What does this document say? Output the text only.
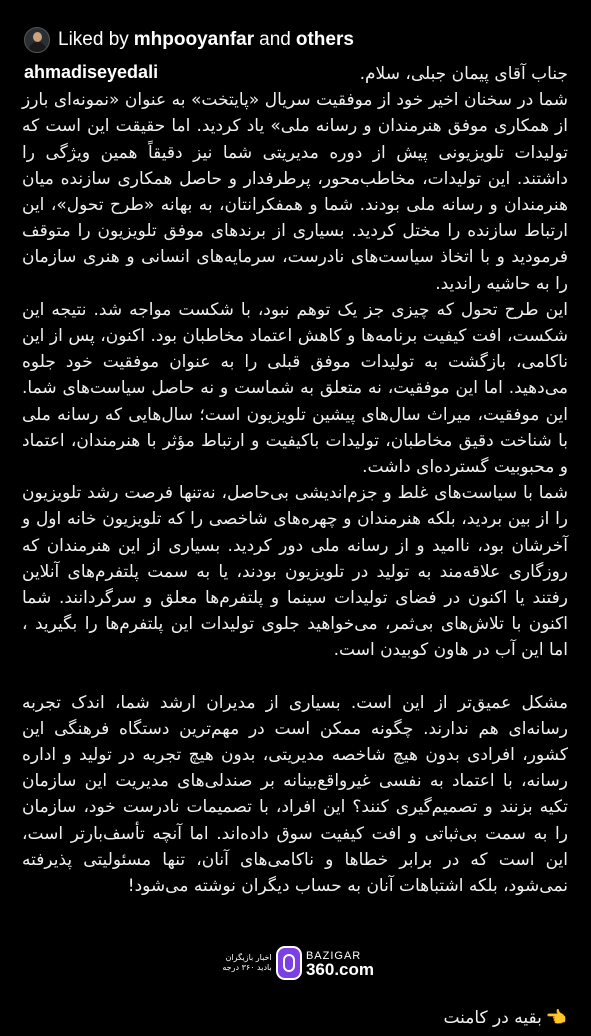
Liked by mhpooyanfar and others

جناب آقای پیمان جبلی، سلام.

شما در سخنان اخیر خود از موفقیت سریال «پایتخت» به عنوان «نمونه‌ای بارز از همکاری موفق هنرمندان و رسانه ملی» یاد کردید. اما حقیقت این است که تولیدات تلویزیونی پیش از دوره مدیریتی شما نیز دقیقاً همین ویژگی را داشتند. این تولیدات، مخاطب‌محور، پرطرفدار و حاصل همکاری سازنده میان هنرمندان و رسانه ملی بودند. شما و همفکرانتان، به بهانه «طرح تحول»، این ارتباط سازنده را مختل کردید. بسیاری از برندهای موفق تلویزیون را متوقف فرمودید و با اتخاذ سیاست‌های نادرست، سرمایه‌های انسانی و هنری سازمان را به حاشیه راندید.

این طرح تحول که چیزی جز یک توهم نبود، با شکست مواجه شد. نتیجه این شکست، افت کیفیت برنامه‌ها و کاهش اعتماد مخاطبان بود. اکنون، پس از این ناکامی، بازگشت به تولیدات موفق قبلی را به عنوان موفقیت خود جلوه می‌دهید. اما این موفقیت، نه متعلق به شماست و نه حاصل سیاست‌های شما. این موفقیت، میراث سال‌های پیشین تلویزیون است؛ سال‌هایی که رسانه ملی با شناخت دقیق مخاطبان، تولیدات باکیفیت و ارتباط مؤثر با هنرمندان، اعتماد و محبوبیت گسترده‌ای داشت.

شما با سیاست‌های غلط و جزم‌اندیشی بی‌حاصل، نه‌تنها فرصت رشد تلویزیون را از بین بردید، بلکه هنرمندان و چهره‌های شاخصی را که تلویزیون خانه اول و آخرشان بود، ناامید و از رسانه ملی دور کردید. بسیاری از این هنرمندان که روزگاری علاقه‌مند به تولید در تلویزیون بودند، یا به سمت پلتفرم‌های آنلاین رفتند یا اکنون در فضای تولیدات سینما و پلتفرم‌ها معلق و سرگردانند. شما اکنون با تلاش‌های بی‌ثمر، می‌خواهید جلوی تولیدات این پلتفرم‌ها را بگیرید ، اما این آب در هاون کوبیدن است.

مشکل عمیق‌تر از این است. بسیاری از مدیران ارشد شما، اندک تجربه رسانه‌ای هم ندارند. چگونه ممکن است در مهم‌ترین دستگاه فرهنگی این کشور، افرادی بدون هیچ شاخصه مدیریتی، بدون هیچ تجربه در تولید و اداره رسانه، با اعتماد به نفسی غیرواقع‌بینانه بر صندلی‌های مدیریت این سازمان تکیه بزنند و تصمیم‌گیری کنند؟ این افراد، با تصمیمات نادرست خود، سازمان را به سمت بی‌ثباتی و افت کیفیت سوق داده‌اند. اما آنچه تأسف‌بارتر است، این است که در برابر خطاها و ناکامی‌های آنان، تنها مسئولیتی پذیرفته نمی‌شود، بلکه اشتباهات آنان به حساب دیگران نوشته می‌شود!

ahmadiseyedali
اخبار بازیگران
بادید ۳۶۰ درجه
BAZIGAR
360.com
👈
بقیه در کامنت
